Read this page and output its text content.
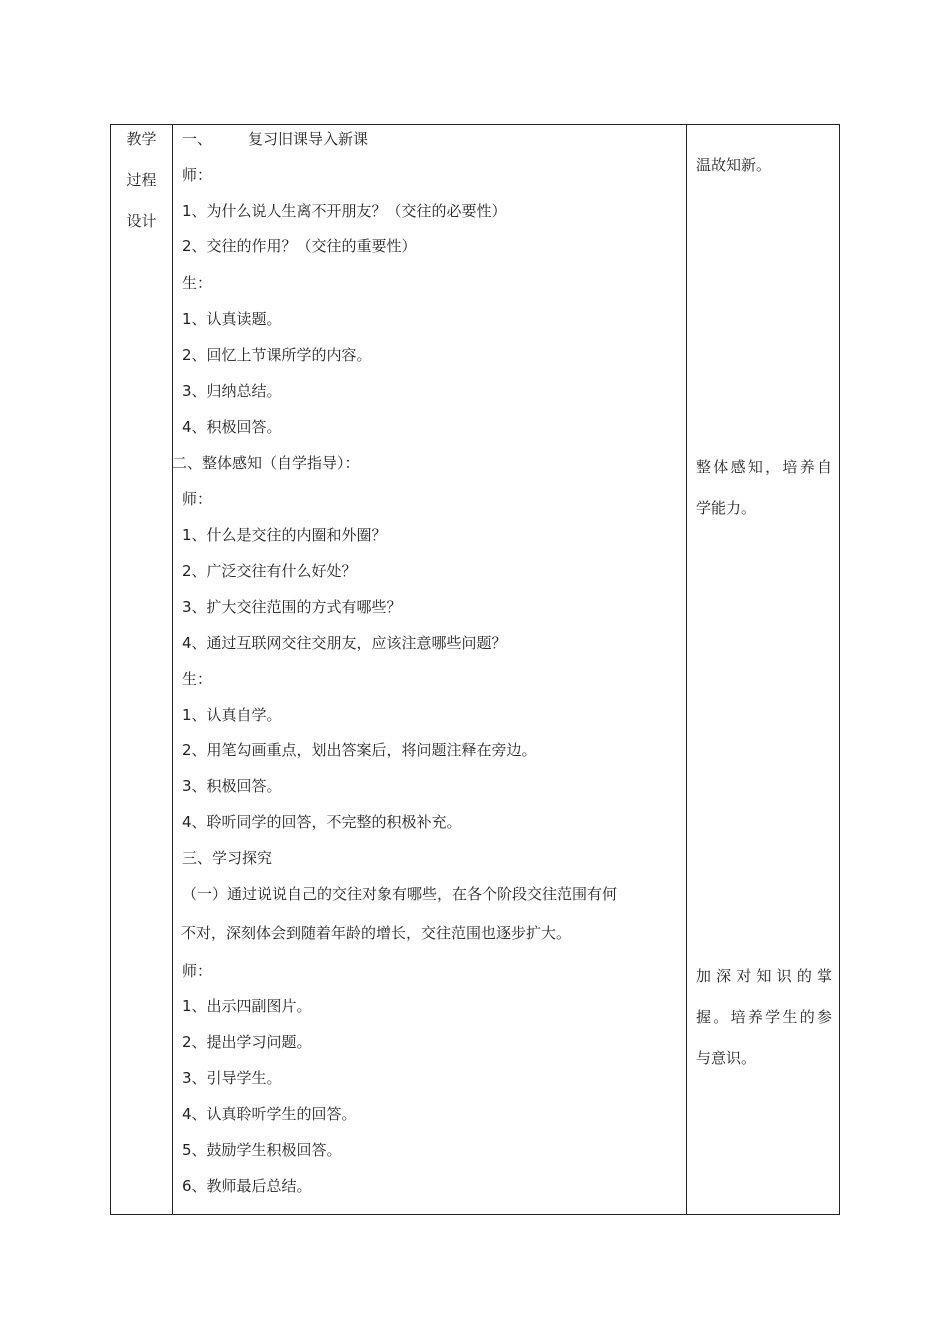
教学
过程
设计
一、 复习旧课导入新课
师：
1、为什么说人生离不开朋友？（交往的必要性）
2、交往的作用？（交往的重要性）
生：
1、认真读题。
2、回忆上节课所学的内容。
3、归纳总结。
4、积极回答。
二、整体感知（自学指导）：
师：
1、什么是交往的内圈和外圈？
2、广泛交往有什么好处？
3、扩大交往范围的方式有哪些？
4、通过互联网交往交朋友，应该注意哪些问题？
生：
1、认真自学。
2、用笔勾画重点，划出答案后，将问题注释在旁边。
3、积极回答。
4、聆听同学的回答，不完整的积极补充。
三、学习探究
（一）通过说说自己的交往对象有哪些，在各个阶段交往范围有何
不对，深刻体会到随着年龄的增长，交往范围也逐步扩大。
师：
1、出示四副图片。
2、提出学习问题。
3、引导学生。
4、认真聆听学生的回答。
5、鼓励学生积极回答。
6、教师最后总结。
温故知新。
整体感知，培养自
学能力。
加深对知识的掌
握。培养学生的参
与意识。
